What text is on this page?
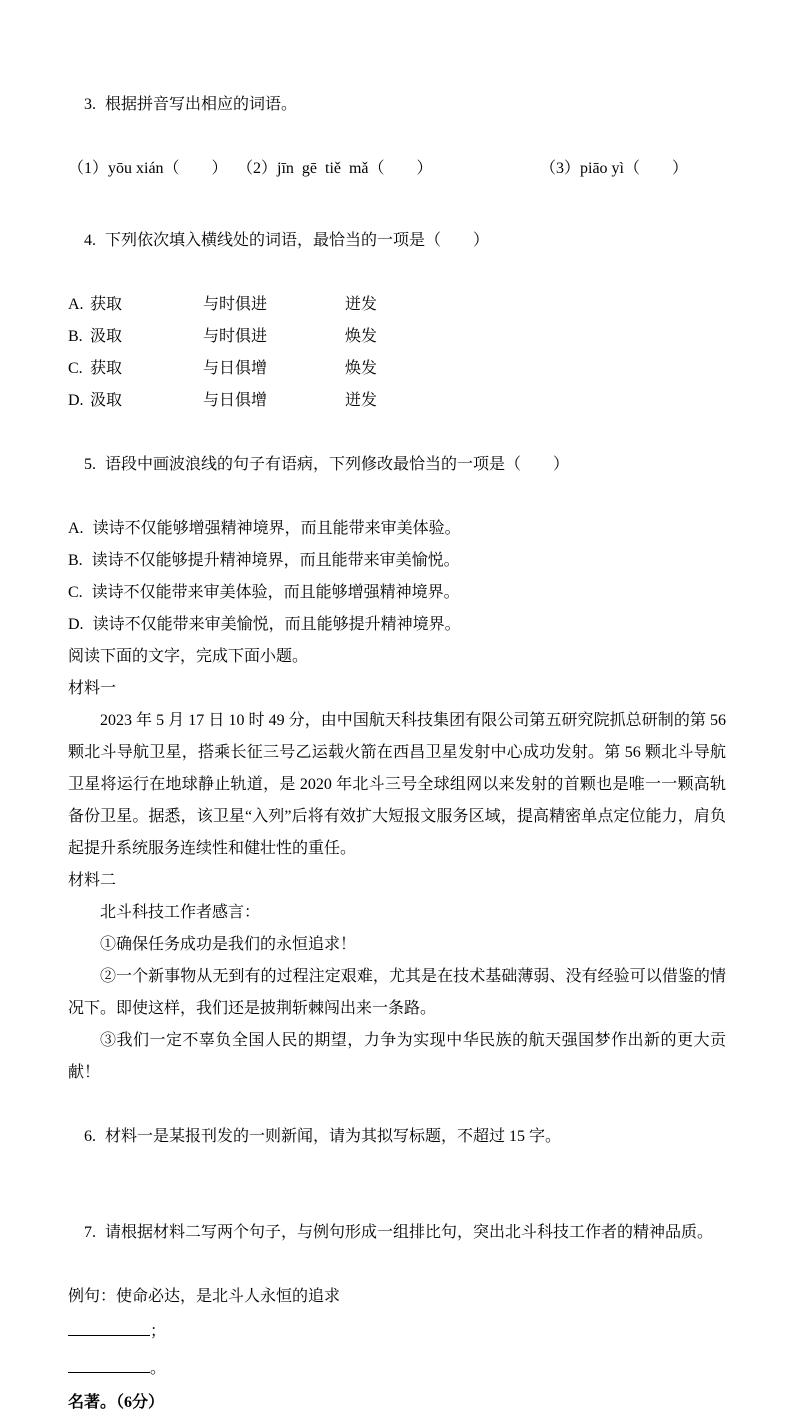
3. 根据拼音写出相应的词语。

（1）yōu xián（　　） （2）jīn  gē  tiě  mǎ（　　）	（3）piāo yì（　　）

4. 下列依次填入横线处的词语，最恰当的一项是（　　）

A. 获取	与时俱进	迸发
B. 汲取	与时俱进	焕发
C. 获取	与日俱增	焕发
D. 汲取	与日俱增	迸发

5. 语段中画波浪线的句子有语病，下列修改最恰当的一项是（　　）

A. 读诗不仅能够增强精神境界，而且能带来审美体验。
B. 读诗不仅能够提升精神境界，而且能带来审美愉悦。
C. 读诗不仅能带来审美体验，而且能够增强精神境界。
D. 读诗不仅能带来审美愉悦，而且能够提升精神境界。
阅读下面的文字，完成下面小题。
材料一

2023 年 5 月 17 日 10 时 49 分，由中国航天科技集团有限公司第五研究院抓总研制的第 56 颗北斗导航卫星，搭乘长征三号乙运载火箭在西昌卫星发射中心成功发射。第 56 颗北斗导航卫星将运行在地球静止轨道，是 2020 年北斗三号全球组网以来发射的首颗也是唯一一颗高轨备份卫星。据悉，该卫星“入列”后将有效扩大短报文服务区域，提高精密单点定位能力，肩负起提升系统服务连续性和健壮性的重任。

材料二

北斗科技工作者感言：

①确保任务成功是我们的永恒追求！

②一个新事物从无到有的过程注定艰难，尤其是在技术基础薄弱、没有经验可以借鉴的情况下。即使这样，我们还是披荆斩棘闯出来一条路。

③我们一定不辜负全国人民的期望，力争为实现中华民族的航天强国梦作出新的更大贡献！

6. 材料一是某报刊发的一则新闻，请为其拟写标题，不超过 15 字。

7. 请根据材料二写两个句子，与例句形成一组排比句，突出北斗科技工作者的精神品质。

例句：使命必达，是北斗人永恒的追求
；
。
名著。（6分）
